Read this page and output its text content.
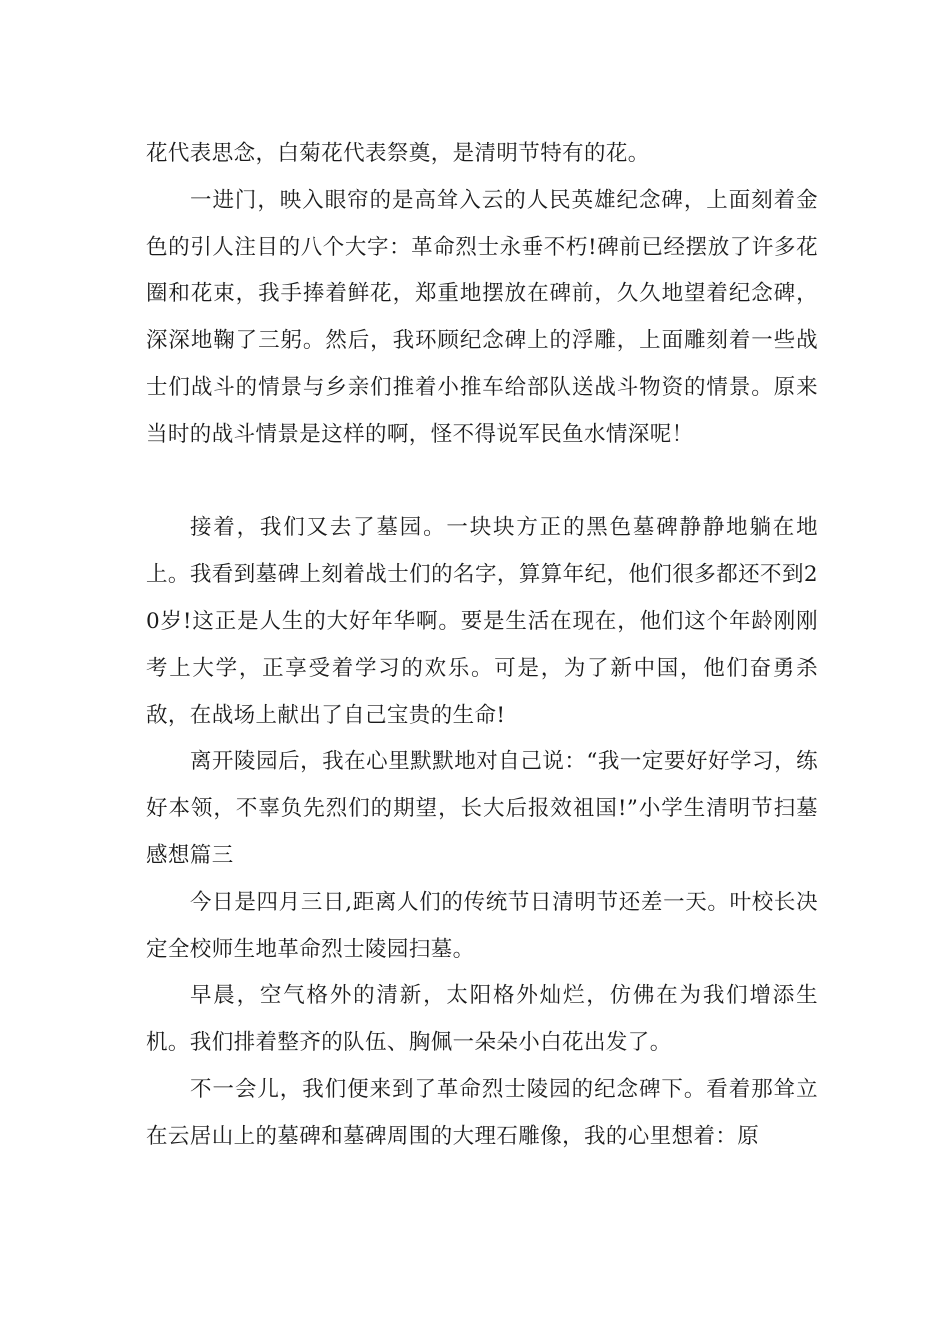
花代表思念，白菊花代表祭奠，是清明节特有的花。

一进门，映入眼帘的是高耸入云的人民英雄纪念碑，上面刻着金色的引人注目的八个大字：革命烈士永垂不朽!碑前已经摆放了许多花圈和花束，我手捧着鲜花，郑重地摆放在碑前，久久地望着纪念碑，深深地鞠了三躬。然后，我环顾纪念碑上的浮雕，上面雕刻着一些战士们战斗的情景与乡亲们推着小推车给部队送战斗物资的情景。原来当时的战斗情景是这样的啊，怪不得说军民鱼水情深呢！

接着，我们又去了墓园。一块块方正的黑色墓碑静静地躺在地上。我看到墓碑上刻着战士们的名字，算算年纪，他们很多都还不到20岁!这正是人生的大好年华啊。要是生活在现在，他们这个年龄刚刚考上大学，正享受着学习的欢乐。可是，为了新中国，他们奋勇杀敌，在战场上献出了自己宝贵的生命!

离开陵园后，我在心里默默地对自己说：“我一定要好好学习，练好本领，不辜负先烈们的期望，长大后报效祖国!”小学生清明节扫墓感想篇三

今日是四月三日,距离人们的传统节日清明节还差一天。叶校长决定全校师生地革命烈士陵园扫墓。

早晨，空气格外的清新，太阳格外灿烂，仿佛在为我们增添生机。我们排着整齐的队伍、胸佩一朵朵小白花出发了。

不一会儿，我们便来到了革命烈士陵园的纪念碑下。看着那耸立在云居山上的墓碑和墓碑周围的大理石雕像，我的心里想着：原
